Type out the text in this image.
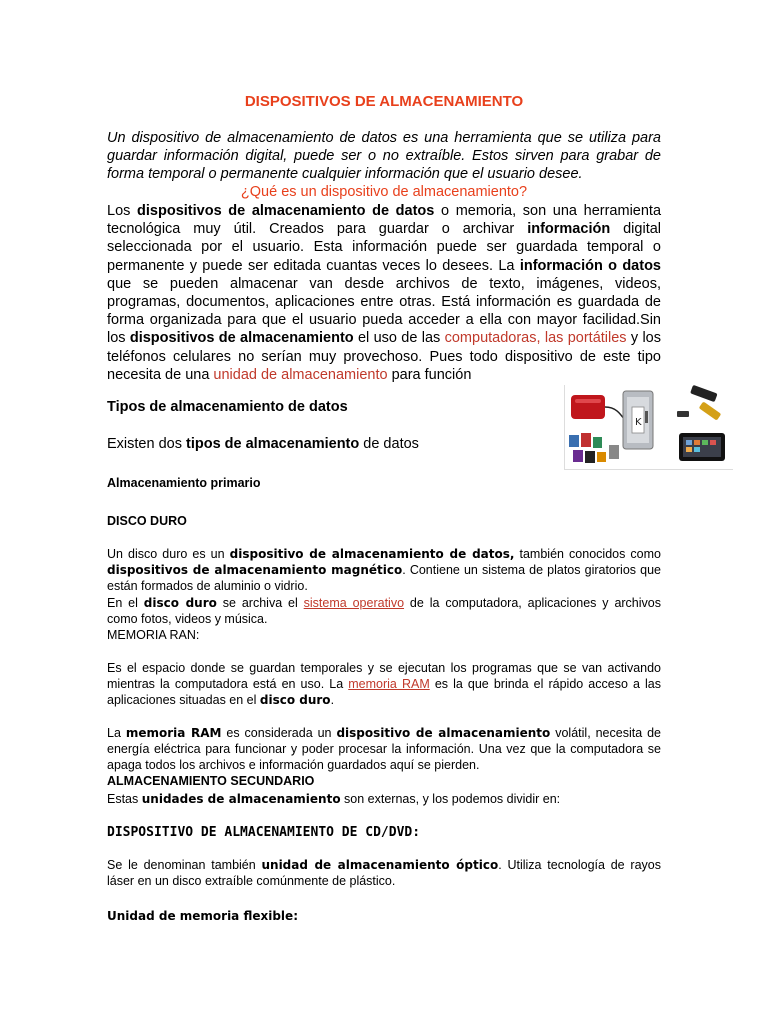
DISPOSITIVOS DE ALMACENAMIENTO
Un dispositivo de almacenamiento de datos es una herramienta que se utiliza para guardar información digital, puede ser o no extraíble. Estos sirven para grabar de forma temporal o permanente cualquier información que el usuario desee.
¿Qué es un dispositivo de almacenamiento?
Los dispositivos de almacenamiento de datos o memoria, son una herramienta tecnológica muy útil. Creados para guardar o archivar información digital seleccionada por el usuario. Esta información puede ser guardada temporal o permanente y puede ser editada cuantas veces lo desees. La información o datos que se pueden almacenar van desde archivos de texto, imágenes, videos, programas, documentos, aplicaciones entre otras. Está información es guardada de forma organizada para que el usuario pueda acceder a ella con mayor facilidad.Sin los dispositivos de almacenamiento el uso de las computadoras, las portátiles y los teléfonos celulares no serían muy provechoso. Pues todo dispositivo de este tipo necesita de una unidad de almacenamiento para función
Tipos de almacenamiento de datos
Existen dos tipos de almacenamiento de datos
K
Almacenamiento primario
DISCO DURO
Un disco duro es un dispositivo de almacenamiento de datos, también conocidos como dispositivos de almacenamiento magnético. Contiene un sistema de platos giratorios que están formados de aluminio o vidrio.
En el disco duro se archiva el sistema operativo de la computadora, aplicaciones y archivos como fotos, videos y música.
MEMORIA RAN:
Es el espacio donde se guardan temporales y se ejecutan los programas que se van activando mientras la computadora está en uso. La memoria RAM es la que brinda el rápido acceso a las aplicaciones situadas en el disco duro.
La memoria RAM es considerada un dispositivo de almacenamiento volátil, necesita de energía eléctrica para funcionar y poder procesar la información. Una vez que la computadora se apaga todos los archivos e información guardados aquí se pierden.
ALMACENAMIENTO SECUNDARIO
Estas unidades de almacenamiento son externas, y los podemos dividir en:
DISPOSITIVO DE ALMACENAMIENTO DE CD/DVD:
Se le denominan también unidad de almacenamiento óptico. Utiliza tecnología de rayos láser en un disco extraíble comúnmente de plástico.
Unidad de memoria flexible:
